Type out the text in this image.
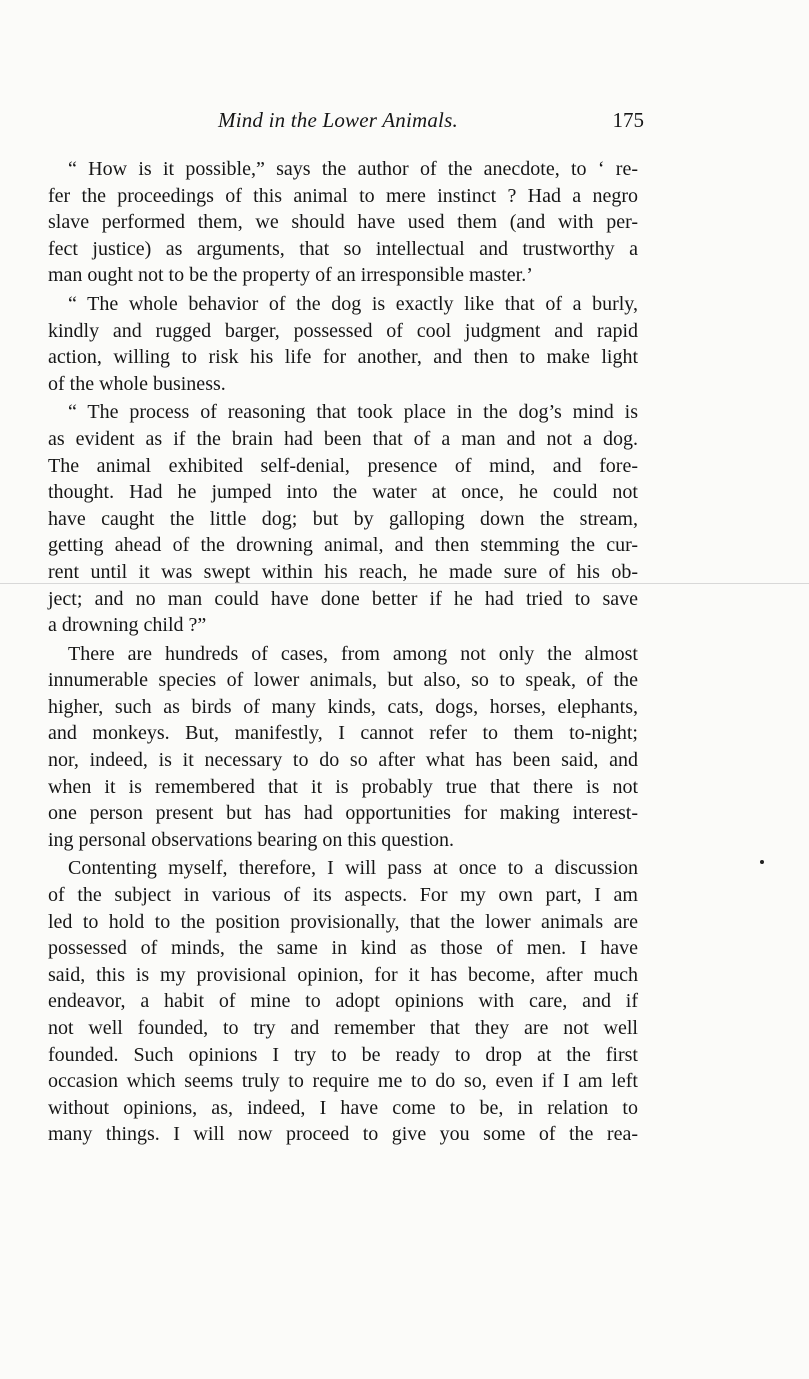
Mind in the Lower Animals.	175
“ How is it possible,” says the author of the anecdote, to ‘ re-
fer the proceedings of this animal to mere instinct ? Had a negro
slave performed them, we should have used them (and with per-
fect justice) as arguments, that so intellectual and trustworthy a
man ought not to be the property of an irresponsible master.’
“ The whole behavior of the dog is exactly like that of a burly,
kindly and rugged barger, possessed of cool judgment and rapid
action, willing to risk his life for another, and then to make light
of the whole business.
“ The process of reasoning that took place in the dog’s mind is
as evident as if the brain had been that of a man and not a dog.
The animal exhibited self-denial, presence of mind, and fore-
thought. Had he jumped into the water at once, he could not
have caught the little dog; but by galloping down the stream,
getting ahead of the drowning animal, and then stemming the cur-
rent until it was swept within his reach, he made sure of his ob-
ject; and no man could have done better if he had tried to save
a drowning child ?”
There are hundreds of cases, from among not only the almost
innumerable species of lower animals, but also, so to speak, of the
higher, such as birds of many kinds, cats, dogs, horses, elephants,
and monkeys. But, manifestly, I cannot refer to them to-night;
nor, indeed, is it necessary to do so after what has been said, and
when it is remembered that it is probably true that there is not
one person present but has had opportunities for making interest-
ing personal observations bearing on this question.
Contenting myself, therefore, I will pass at once to a discussion
of the subject in various of its aspects. For my own part, I am
led to hold to the position provisionally, that the lower animals are
possessed of minds, the same in kind as those of men. I have
said, this is my provisional opinion, for it has become, after much
endeavor, a habit of mine to adopt opinions with care, and if
not well founded, to try and remember that they are not well
founded. Such opinions I try to be ready to drop at the first
occasion which seems truly to require me to do so, even if I am left
without opinions, as, indeed, I have come to be, in relation to
many things. I will now proceed to give you some of the rea-
